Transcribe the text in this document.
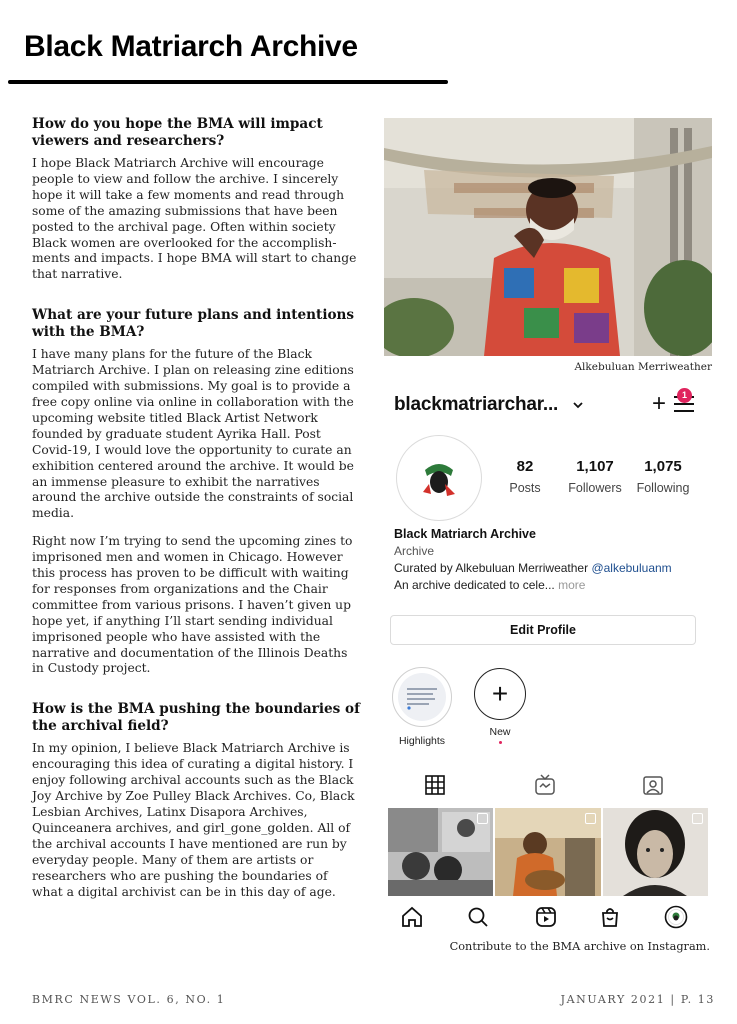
Black Matriarch Archive
How do you hope the BMA will impact viewers and researchers?
I hope Black Matriarch Archive will encourage people to view and follow the archive. I sincerely hope it will take a few moments and read through some of the amazing submissions that have been posted to the archival page. Often within society Black women are overlooked for the accomplishments and impacts. I hope BMA will start to change that narrative.
What are your future plans and intentions with the BMA?
I have many plans for the future of the Black Matriarch Archive. I plan on releasing zine editions compiled with submissions. My goal is to provide a free copy online via online in collaboration with the upcoming website titled Black Artist Network founded by graduate student Ayrika Hall. Post Covid-19, I would love the opportunity to curate an exhibition centered around the archive. It would be an immense pleasure to exhibit the narratives around the archive outside the constraints of social media.
Right now I’m trying to send the upcoming zines to imprisoned men and women in Chicago. However this process has proven to be difficult with waiting for responses from organizations and the Chair committee from various prisons. I haven’t given up hope yet, if anything I’ll start sending individual imprisoned people who have assisted with the narrative and documentation of the Illinois Deaths in Custody project.
How is the BMA pushing the boundaries of the archival field?
In my opinion, I believe Black Matriarch Archive is encouraging this idea of curating a digital history. I enjoy following archival accounts such as the Black Joy Archive by Zoe Pulley Black Archives. Co, Black Lesbian Archives, Latinx Disapora Archives, Quinceanera archives, and girl_gone_golden. All of the archival accounts I have mentioned are run by everyday people. Many of them are artists or researchers who are pushing the boundaries of what a digital archivist can be in this day of age.
Alkebuluan Merriweather
blackmatriarchar...	+	1
82
Posts
1,107
Followers
1,075
Following
Black Matriarch Archive
Archive
Curated by Alkebuluan Merriweather @alkebuluanm
An archive dedicated to cele... more
Edit Profile
Highlights
+
New
Contribute to the BMA archive on Instagram.
BMRC NEWS VOL. 6, NO. 1	JANUARY 2021 | P. 13
